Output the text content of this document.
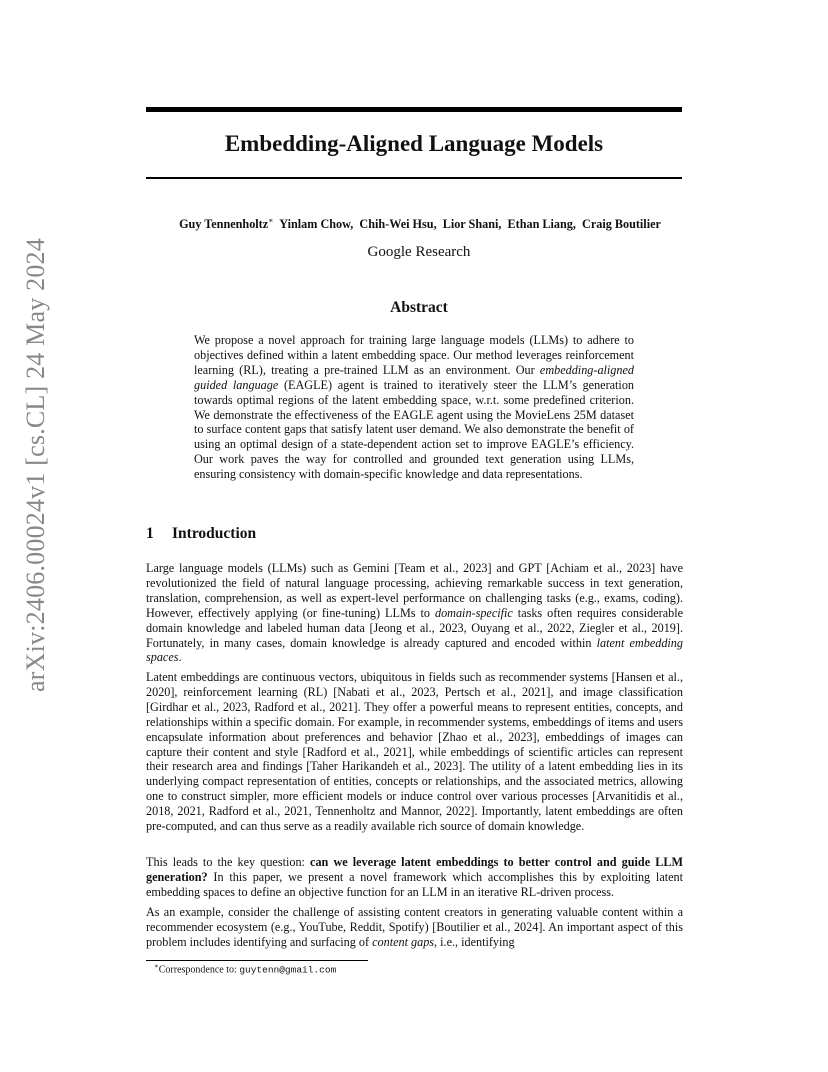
Embedding-Aligned Language Models
Guy Tennenholtz∗ Yinlam Chow,  Chih-Wei Hsu,  Lior Shani,  Ethan Liang,  Craig Boutilier
Google Research
arXiv:2406.00024v1 [cs.CL] 24 May 2024	Abstract

We propose a novel approach for training large language models (LLMs) to adhere to objectives defined within a latent embedding space. Our method leverages reinforcement learning (RL), treating a pre-trained LLM as an environment. Our embedding-aligned guided language (EAGLE) agent is trained to iteratively steer the LLM’s generation towards optimal regions of the latent embedding space, w.r.t. some predefined criterion. We demonstrate the effectiveness of the EAGLE agent using the MovieLens 25M dataset to surface content gaps that satisfy latent user demand. We also demonstrate the benefit of using an optimal design of a state-dependent action set to improve EAGLE’s efficiency. Our work paves the way for controlled and grounded text generation using LLMs, ensuring consistency with domain-specific knowledge and data representations.

1 Introduction

Large language models (LLMs) such as Gemini [Team et al., 2023] and GPT [Achiam et al., 2023] have revolutionized the field of natural language processing, achieving remarkable success in text generation, translation, comprehension, as well as expert-level performance on challenging tasks (e.g., exams, coding). However, effectively applying (or fine-tuning) LLMs to domain-specific tasks often requires considerable domain knowledge and labeled human data [Jeong et al., 2023, Ouyang et al., 2022, Ziegler et al., 2019]. Fortunately, in many cases, domain knowledge is already captured and encoded within latent embedding spaces.

Latent embeddings are continuous vectors, ubiquitous in fields such as recommender systems [Hansen et al., 2020], reinforcement learning (RL) [Nabati et al., 2023, Pertsch et al., 2021], and image classification [Girdhar et al., 2023, Radford et al., 2021]. They offer a powerful means to represent entities, concepts, and relationships within a specific domain. For example, in recommender systems, embeddings of items and users encapsulate information about preferences and behavior [Zhao et al., 2023], embeddings of images can capture their content and style [Radford et al., 2021], while embeddings of scientific articles can represent their research area and findings [Taher Harikandeh et al., 2023]. The utility of a latent embedding lies in its underlying compact representation of entities, concepts or relationships, and the associated metrics, allowing one to construct simpler, more efficient models or induce control over various processes [Arvanitidis et al., 2018, 2021, Radford et al., 2021, Tennenholtz and Mannor, 2022]. Importantly, latent embeddings are often pre-computed, and can thus serve as a readily available rich source of domain knowledge.

This leads to the key question: can we leverage latent embeddings to better control and guide LLM generation? In this paper, we present a novel framework which accomplishes this by exploiting latent embedding spaces to define an objective function for an LLM in an iterative RL-driven process.

As an example, consider the challenge of assisting content creators in generating valuable content within a recommender ecosystem (e.g., YouTube, Reddit, Spotify) [Boutilier et al., 2024]. An important aspect of this problem includes identifying and surfacing of content gaps, i.e., identifying

∗Correspondence to: guytenn@gmail.com
